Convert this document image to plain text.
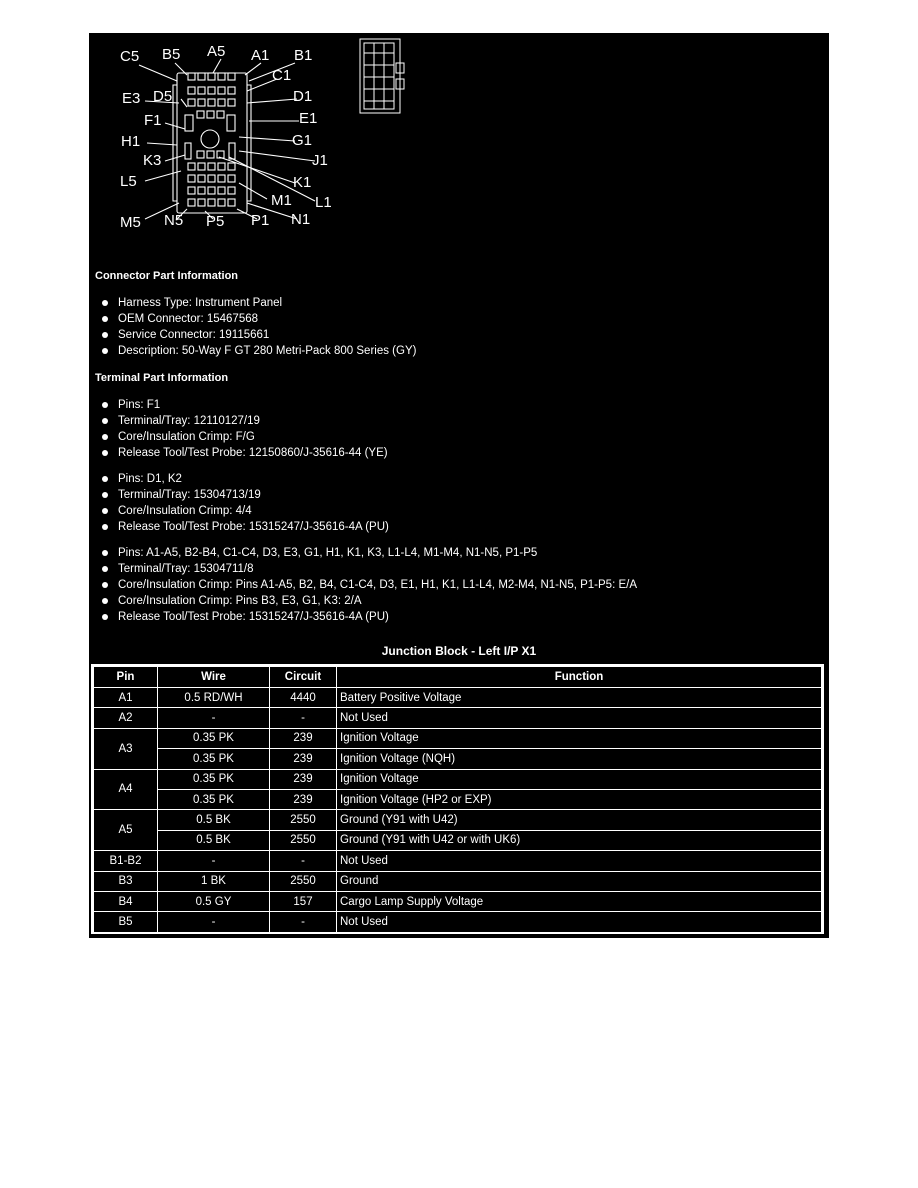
C5 B5 A5 A1 B1
C1
D1
E3 D5
F1	E1
H1	G1
K3	J1
L5	K1
L1
M1
M5 N5 P5 P1 N1
Connector Part Information
Harness Type: Instrument Panel
OEM Connector: 15467568
Service Connector: 19115661
Description: 50-Way F GT 280 Metri-Pack 800 Series (GY)
Terminal Part Information
Pins: F1
Terminal/Tray: 12110127/19
Core/Insulation Crimp: F/G
Release Tool/Test Probe: 12150860/J-35616-44 (YE)
Pins: D1, K2
Terminal/Tray: 15304713/19
Core/Insulation Crimp: 4/4
Release Tool/Test Probe: 15315247/J-35616-4A (PU)
Pins: A1-A5, B2-B4, C1-C4, D3, E3, G1, H1, K1, K3, L1-L4, M1-M4, N1-N5, P1-P5
Terminal/Tray: 15304711/8
Core/Insulation Crimp: Pins A1-A5, B2, B4, C1-C4, D3, E1, H1, K1, L1-L4, M2-M4, N1-N5, P1-P5: E/A
Core/Insulation Crimp: Pins B3, E3, G1, K3: 2/A
Release Tool/Test Probe: 15315247/J-35616-4A (PU)
Junction Block - Left I/P X1
Pin	Wire	Circuit	Function
A1	0.5 RD/WH	4440	Battery Positive Voltage
A2	-	-	Not Used
A3	0.35 PK	239	Ignition Voltage
	0.35 PK	239	Ignition Voltage (NQH)
A4	0.35 PK	239	Ignition Voltage
	0.35 PK	239	Ignition Voltage (HP2 or EXP)
A5	0.5 BK	2550	Ground (Y91 with U42)
	0.5 BK	2550	Ground (Y91 with U42 or with UK6)
B1-B2	-	-	Not Used
B3	1 BK	2550	Ground
B4	0.5 GY	157	Cargo Lamp Supply Voltage
B5	-	-	Not Used
